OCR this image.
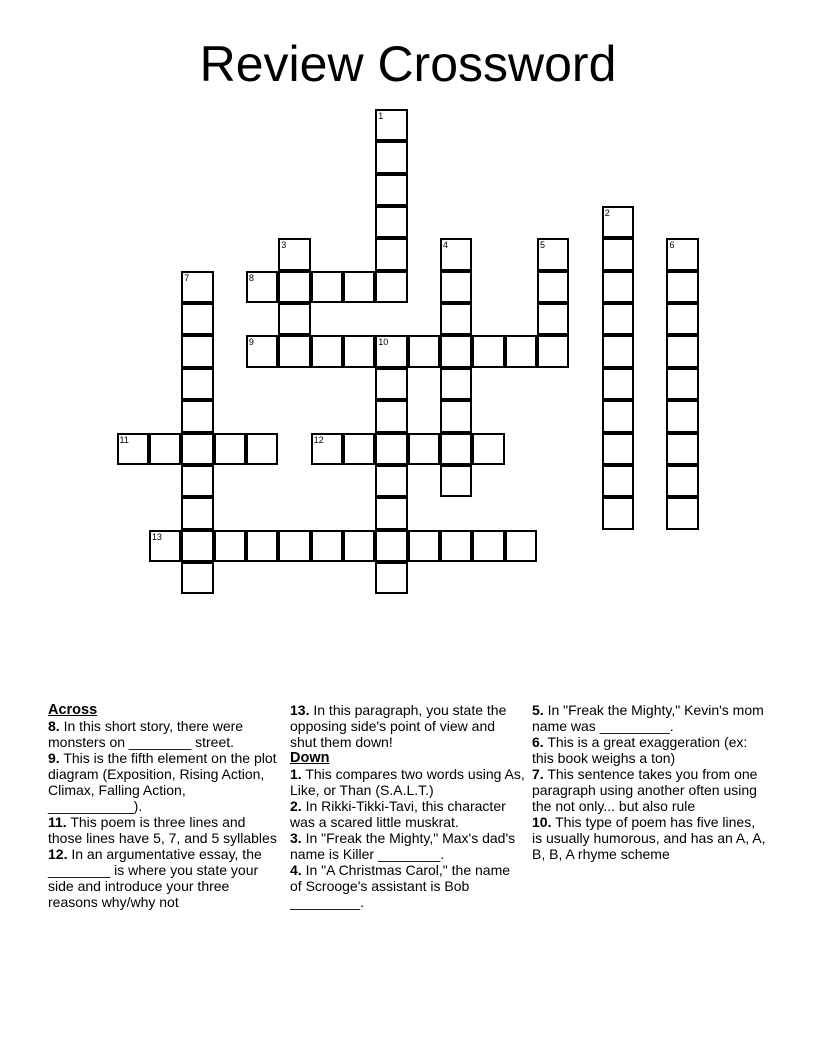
Review Crossword
1
2
3	4	5	6
7	8
9	10
11	12
13
Across
8. In this short story, there were monsters on ________ street.
9. This is the fifth element on the plot diagram (Exposition, Rising Action, Climax, Falling Action, ___________).
11. This poem is three lines and those lines have 5, 7, and 5 syllables
12. In an argumentative essay, the ________ is where you state your side and introduce your three reasons why/why not
13. In this paragraph, you state the opposing side's point of view and shut them down!
Down
1. This compares two words using As, Like, or Than (S.A.L.T.)
2. In Rikki-Tikki-Tavi, this character was a scared little muskrat.
3. In "Freak the Mighty," Max's dad's name is Killer ________.
4. In "A Christmas Carol," the name of Scrooge's assistant is Bob _________.
5. In "Freak the Mighty," Kevin's mom name was _________.
6. This is a great exaggeration (ex: this book weighs a ton)
7. This sentence takes you from one paragraph using another often using the not only... but also rule
10. This type of poem has five lines, is usually humorous, and has an A, A, B, B, A rhyme scheme
